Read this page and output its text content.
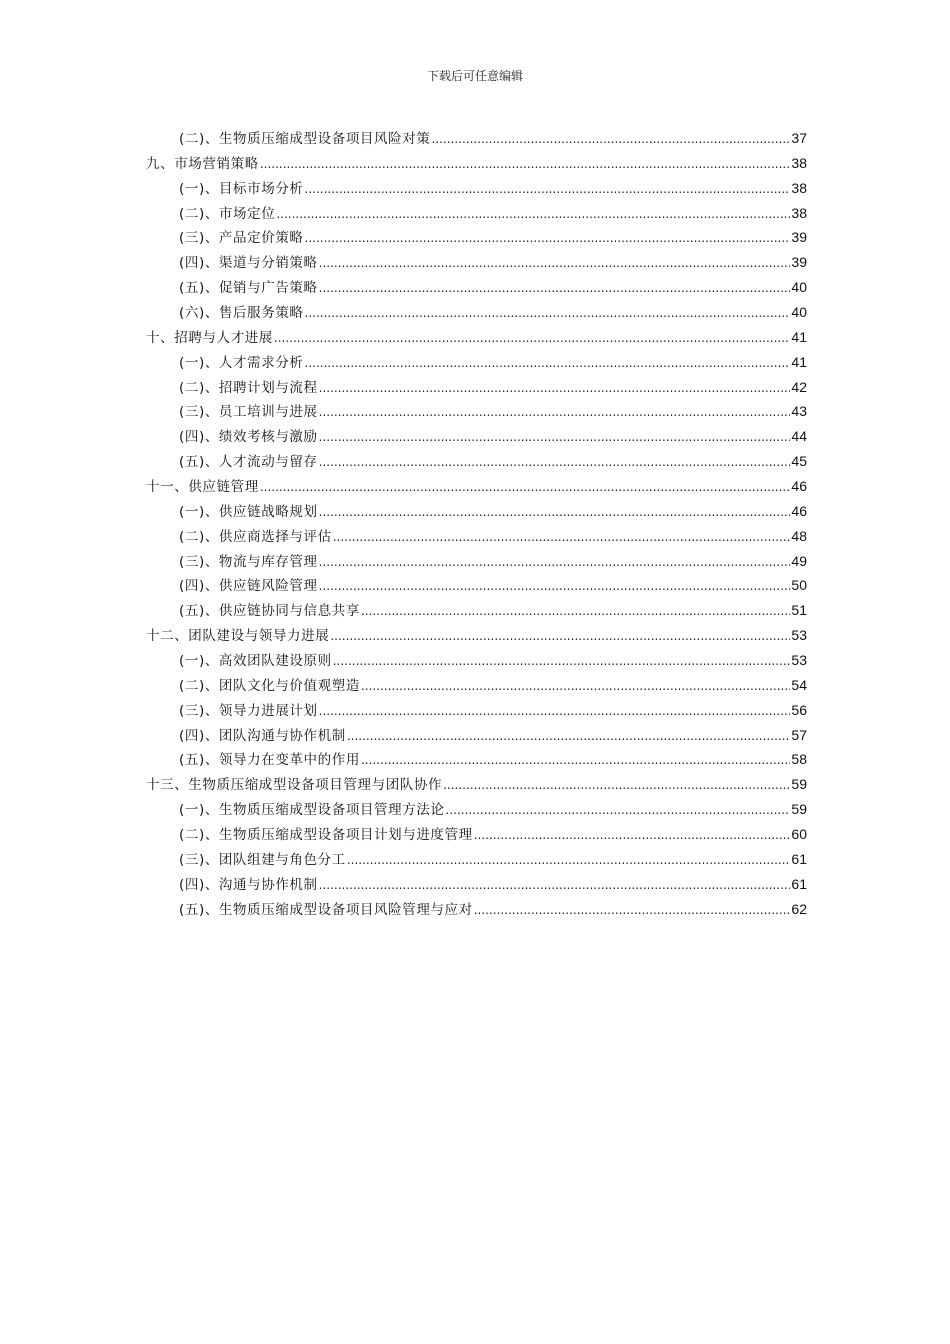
下载后可任意编辑
(二)、生物质压缩成型设备项目风险对策 .....	37
九、市场营销策略 .....	38
(一)、目标市场分析 .....	38
(二)、市场定位 .....	38
(三)、产品定价策略 .....	39
(四)、渠道与分销策略 .....	39
(五)、促销与广告策略 .....	40
(六)、售后服务策略 .....	40
十、招聘与人才进展 .....	41
(一)、人才需求分析 .....	41
(二)、招聘计划与流程 .....	42
(三)、员工培训与进展 .....	43
(四)、绩效考核与激励 .....	44
(五)、人才流动与留存 .....	45
十一、供应链管理 .....	46
(一)、供应链战略规划 .....	46
(二)、供应商选择与评估 .....	48
(三)、物流与库存管理 .....	49
(四)、供应链风险管理 .....	50
(五)、供应链协同与信息共享 .....	51
十二、团队建设与领导力进展 .....	53
(一)、高效团队建设原则 .....	53
(二)、团队文化与价值观塑造 .....	54
(三)、领导力进展计划 .....	56
(四)、团队沟通与协作机制 .....	57
(五)、领导力在变革中的作用 .....	58
十三、生物质压缩成型设备项目管理与团队协作 .....	59
(一)、生物质压缩成型设备项目管理方法论 .....	59
(二)、生物质压缩成型设备项目计划与进度管理 .....	60
(三)、团队组建与角色分工 .....	61
(四)、沟通与协作机制 .....	61
(五)、生物质压缩成型设备项目风险管理与应对 .....	62
